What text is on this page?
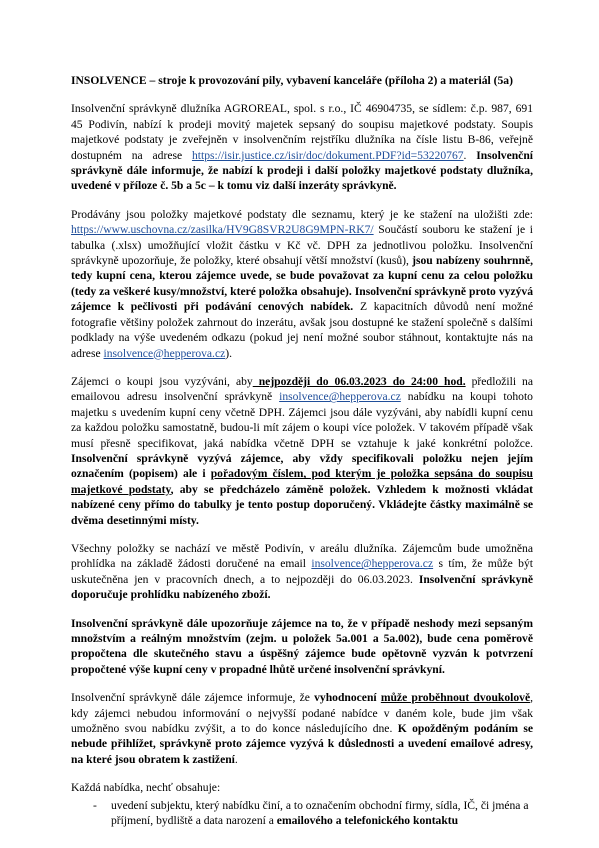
INSOLVENCE – stroje k provozování pily, vybavení kanceláře (příloha 2) a materiál (5a)

Insolvenční správkyně dlužníka AGROREAL, spol. s r.o., IČ 46904735, se sídlem: č.p. 987, 691 45 Podivín, nabízí k prodeji movitý majetek sepsaný do soupisu majetkové podstaty. Soupis majetkové podstaty je zveřejněn v insolvenčním rejstříku dlužníka na čísle listu B-86, veřejně dostupném na adrese https://isir.justice.cz/isir/doc/dokument.PDF?id=53220767. Insolvenční správkyně dále informuje, že nabízí k prodeji i další položky majetkové podstaty dlužníka, uvedené v příloze č. 5b a 5c – k tomu viz další inzeráty správkyně.

Prodávány jsou položky majetkové podstaty dle seznamu, který je ke stažení na uložišti zde: https://www.uschovna.cz/zasilka/HV9G8SVR2U8G9MPN-RK7/ Součástí souboru ke stažení je i tabulka (.xlsx) umožňující vložit částku v Kč vč. DPH za jednotlivou položku. Insolvenční správkyně upozorňuje, že položky, které obsahují větší množství (kusů), jsou nabízeny souhrnně, tedy kupní cena, kterou zájemce uvede, se bude považovat za kupní cenu za celou položku (tedy za veškeré kusy/množství, které položka obsahuje). Insolvenční správkyně proto vyzývá zájemce k pečlivosti při podávání cenových nabídek. Z kapacitních důvodů není možné fotografie většiny položek zahrnout do inzerátu, avšak jsou dostupné ke stažení společně s dalšími podklady na výše uvedeném odkazu (pokud jej není možné soubor stáhnout, kontaktujte nás na adrese insolvence@hepperova.cz).

Zájemci o koupi jsou vyzýváni, aby nejpozději do 06.03.2023 do 24:00 hod. předložili na emailovou adresu insolvenční správkyně insolvence@hepperova.cz nabídku na koupi tohoto majetku s uvedením kupní ceny včetně DPH. Zájemci jsou dále vyzýváni, aby nabídli kupní cenu za každou položku samostatně, budou-li mít zájem o koupi více položek. V takovém případě však musí přesně specifikovat, jaká nabídka včetně DPH se vztahuje k jaké konkrétní položce. Insolvenční správkyně vyzývá zájemce, aby vždy specifikovali položku nejen jejím označením (popisem) ale i pořadovým číslem, pod kterým je položka sepsána do soupisu majetkové podstaty, aby se předcházelo záměně položek. Vzhledem k možnosti vkládat nabízené ceny přímo do tabulky je tento postup doporučený. Vkládejte částky maximálně se dvěma desetinnými místy.

Všechny položky se nachází ve městě Podivín, v areálu dlužníka. Zájemcům bude umožněna prohlídka na základě žádosti doručené na email insolvence@hepperova.cz s tím, že může být uskutečněna jen v pracovních dnech, a to nejpozději do 06.03.2023. Insolvenční správkyně doporučuje prohlídku nabízeného zboží.

Insolvenční správkyně dále upozorňuje zájemce na to, že v případě neshody mezi sepsaným množstvím a reálným množstvím (zejm. u položek 5a.001 a 5a.002), bude cena poměrově propočtena dle skutečného stavu a úspěšný zájemce bude opětovně vyzván k potvrzení propočtené výše kupní ceny v propadné lhůtě určené insolvenční správkyní.

Insolvenční správkyně dále zájemce informuje, že vyhodnocení může proběhnout dvoukolově, kdy zájemci nebudou informování o nejvyšší podané nabídce v daném kole, bude jim však umožněno svou nabídku zvýšit, a to do konce následujícího dne. K opožděným podáním se nebude přihlížet, správkyně proto zájemce vyzývá k důslednosti a uvedení emailové adresy, na které jsou obratem k zastižení.

Každá nabídka, nechť obsahuje:

- uvedení subjektu, který nabídku činí, a to označením obchodní firmy, sídla, IČ, či jména a příjmení, bydliště a data narození a emailového a telefonického kontaktu
